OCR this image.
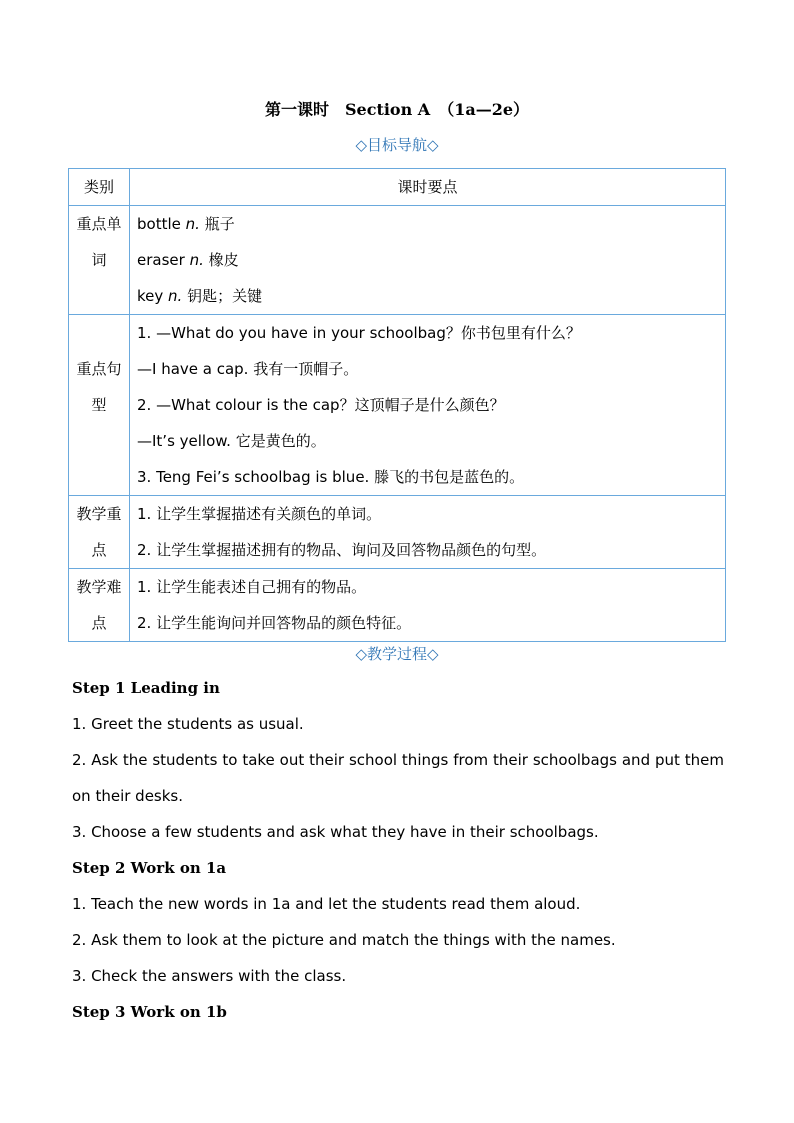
第一课时　Section A　（1a—2e）
◇目标导航◇
类别	课时要点

重点单词	bottle n. 瓶子
eraser n. 橡皮
key n. 钥匙；关键

重点句型	1. —What do you have in your schoolbag？你书包里有什么？
—I have a cap. 我有一顶帽子。
2. —What colour is the cap？这顶帽子是什么颜色？
—It’s yellow. 它是黄色的。
3. Teng Fei’s schoolbag is blue. 滕飞的书包是蓝色的。

教学重点	1. 让学生掌握描述有关颜色的单词。
2. 让学生掌握描述拥有的物品、询问及回答物品颜色的句型。

教学难点	1. 让学生能表述自己拥有的物品。
2. 让学生能询问并回答物品的颜色特征。
◇教学过程◇
Step 1 Leading in
1. Greet the students as usual.
2. Ask the students to take out their school things from their schoolbags and put them on their desks.
3. Choose a few students and ask what they have in their schoolbags.
Step 2 Work on 1a
1. Teach the new words in 1a and let the students read them aloud.
2. Ask them to look at the picture and match the things with the names.
3. Check the answers with the class.
Step 3 Work on 1b
